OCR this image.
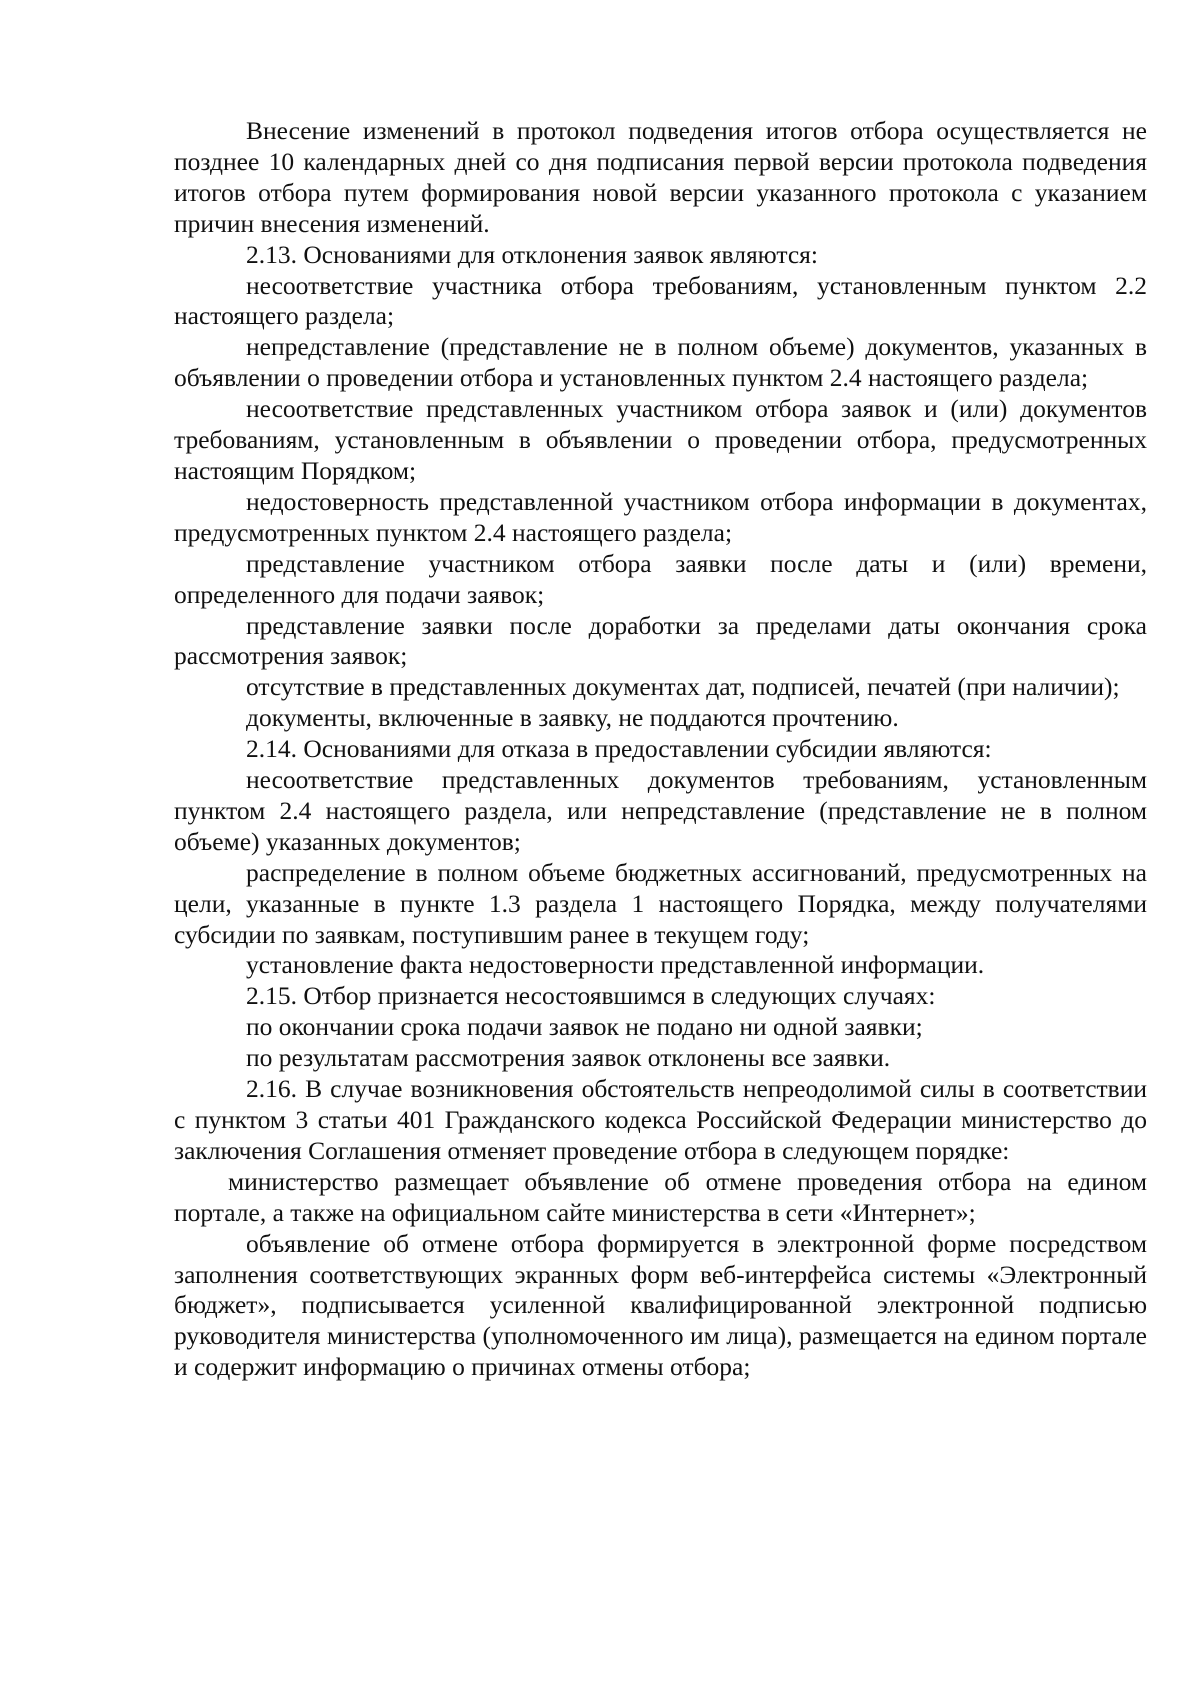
Внесение изменений в протокол подведения итогов отбора осуществляется не позднее 10 календарных дней со дня подписания первой версии протокола подведения итогов отбора путем формирования новой версии указанного протокола с указанием причин внесения изменений.

2.13. Основаниями для отклонения заявок являются:

несоответствие участника отбора требованиям, установленным пунктом 2.2 настоящего раздела;

непредставление (представление не в полном объеме) документов, указанных в объявлении о проведении отбора и установленных пунктом 2.4 настоящего раздела;

несоответствие представленных участником отбора заявок и (или) документов требованиям, установленным в объявлении о проведении отбора, предусмотренных настоящим Порядком;

недостоверность представленной участником отбора информации в документах, предусмотренных пунктом 2.4 настоящего раздела;

представление участником отбора заявки после даты и (или) времени, определенного для подачи заявок;

представление заявки после доработки за пределами даты окончания срока рассмотрения заявок;

отсутствие в представленных документах дат, подписей, печатей (при наличии);

документы, включенные в заявку, не поддаются прочтению.

2.14. Основаниями для отказа в предоставлении субсидии являются:

несоответствие представленных документов требованиям, установленным пунктом 2.4 настоящего раздела, или непредставление (представление не в полном объеме) указанных документов;

распределение в полном объеме бюджетных ассигнований, предусмотренных на цели, указанные в пункте 1.3 раздела 1 настоящего Порядка, между получателями субсидии по заявкам, поступившим ранее в текущем году;

установление факта недостоверности представленной информации.

2.15. Отбор признается несостоявшимся в следующих случаях:

по окончании срока подачи заявок не подано ни одной заявки;

по результатам рассмотрения заявок отклонены все заявки.

2.16. В случае возникновения обстоятельств непреодолимой силы в соответствии с пунктом 3 статьи 401 Гражданского кодекса Российской Федерации министерство до заключения Соглашения отменяет проведение отбора в следующем порядке:

министерство размещает объявление об отмене проведения отбора на едином портале, а также на официальном сайте министерства в сети «Интернет»;

объявление об отмене отбора формируется в электронной форме посредством заполнения соответствующих экранных форм веб-интерфейса системы «Электронный бюджет», подписывается усиленной квалифицированной электронной подписью руководителя министерства (уполномоченного им лица), размещается на едином портале и содержит информацию о причинах отмены отбора;
